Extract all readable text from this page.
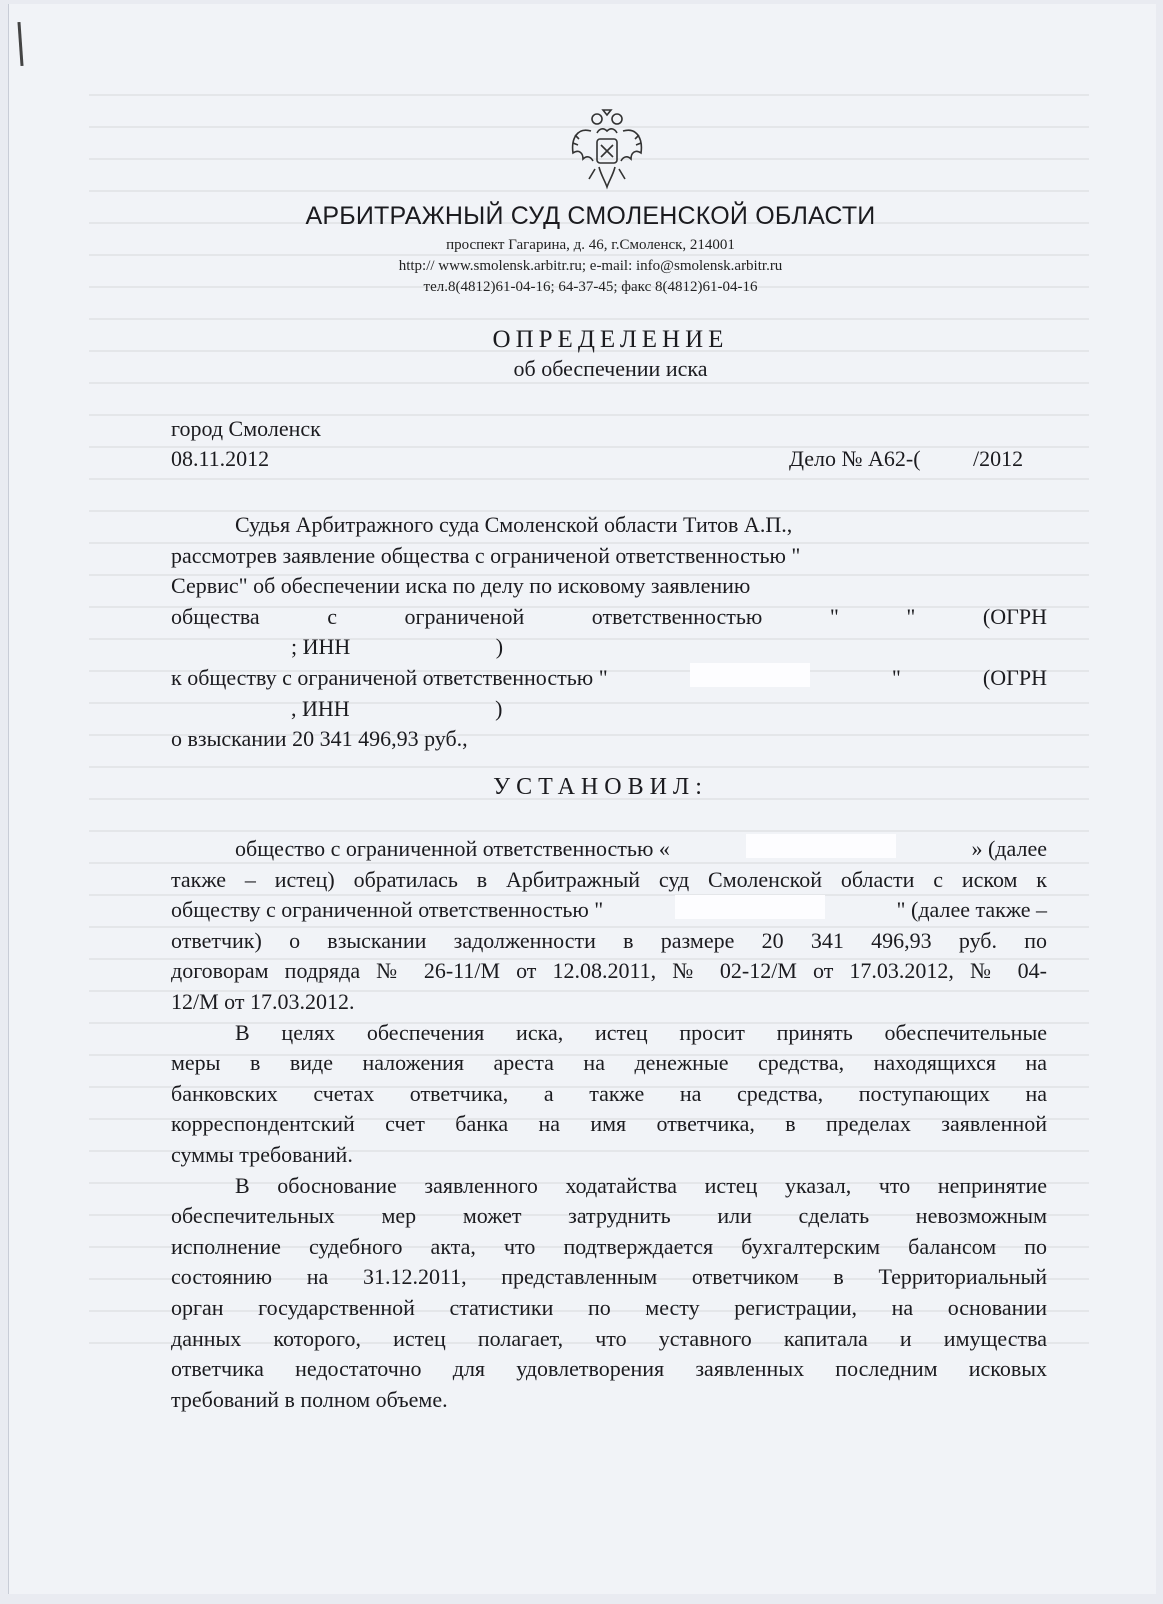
АРБИТРАЖНЫЙ СУД СМОЛЕНСКОЙ ОБЛАСТИ
проспект Гагарина, д. 46, г.Смоленск, 214001
http:// www.smolensk.arbitr.ru; e-mail: info@smolensk.arbitr.ru
тел.8(4812)61-04-16; 64-37-45; факс 8(4812)61-04-16
ОПРЕДЕЛЕНИЕ
об обеспечении иска
город Смоленск
08.11.2012	Дело № А62-( /2012
Судья Арбитражного суда Смоленской области Титов А.П.,
рассмотрев заявление общества с ограниченой ответственностью "
Сервис" об обеспечении иска по делу по исковому заявлению
общества	с	ограниченой	ответственностью	"	"	(ОГРН
; ИНН	)
к обществу с ограниченой ответственностью "	"	(ОГРН
, ИНН	)
о взыскании 20 341 496,93 руб.,
УСТАНОВИЛ:
общество с ограниченной ответственностью «	» (далее
также – истец) обратилась в Арбитражный суд Смоленской области с иском к
обществу с ограниченной ответственностью "	" (далее также –
ответчик) о взыскании задолженности в размере 20 341 496,93 руб. по
договорам подряда № 26-11/М от 12.08.2011, № 02-12/М от 17.03.2012, № 04-
12/М от 17.03.2012.
В целях обеспечения иска, истец просит принять обеспечительные
меры в виде наложения ареста на денежные средства, находящихся на
банковских счетах ответчика, а также на средства, поступающих на
корреспондентский счет банка на имя ответчика, в пределах заявленной
суммы требований.
В обоснование заявленного ходатайства истец указал, что непринятие
обеспечительных мер может затруднить или сделать невозможным
исполнение судебного акта, что подтверждается бухгалтерским балансом по
состоянию на 31.12.2011, представленным ответчиком в Территориальный
орган государственной статистики по месту регистрации, на основании
данных которого, истец полагает, что уставного капитала и имущества
ответчика недостаточно для удовлетворения заявленных последним исковых
требований в полном объеме.
